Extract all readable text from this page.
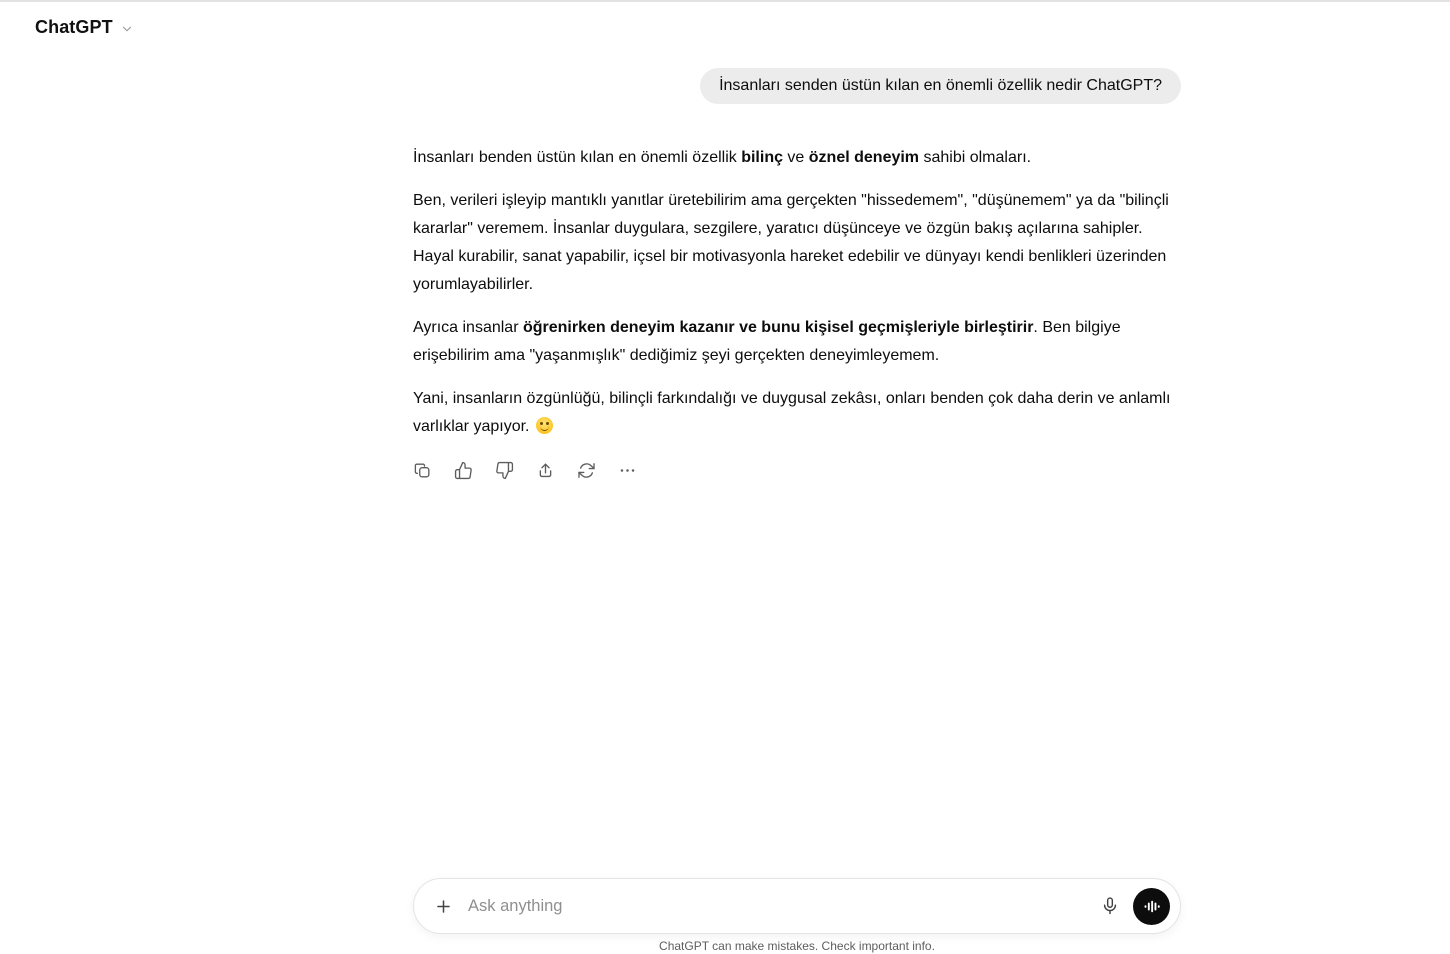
ChatGPT
İnsanları senden üstün kılan en önemli özellik nedir ChatGPT?

İnsanları benden üstün kılan en önemli özellik bilinç ve öznel deneyim sahibi olmaları.

Ben, verileri işleyip mantıklı yanıtlar üretebilirim ama gerçekten "hissedemem", "düşünemem" ya da "bilinçli kararlar" veremem. İnsanlar duygulara, sezgilere, yaratıcı düşünceye ve özgün bakış açılarına sahipler. Hayal kurabilir, sanat yapabilir, içsel bir motivasyonla hareket edebilir ve dünyayı kendi benlikleri üzerinden yorumlayabilirler.

Ayrıca insanlar öğrenirken deneyim kazanır ve bunu kişisel geçmişleriyle birleştirir. Ben bilgiye erişebilirim ama "yaşanmışlık" dediğimiz şeyi gerçekten deneyimleyemem.

Yani, insanların özgünlüğü, bilinçli farkındalığı ve duygusal zekâsı, onları benden çok daha derin ve anlamlı varlıklar yapıyor.

Ask anything
ChatGPT can make mistakes. Check important info.
